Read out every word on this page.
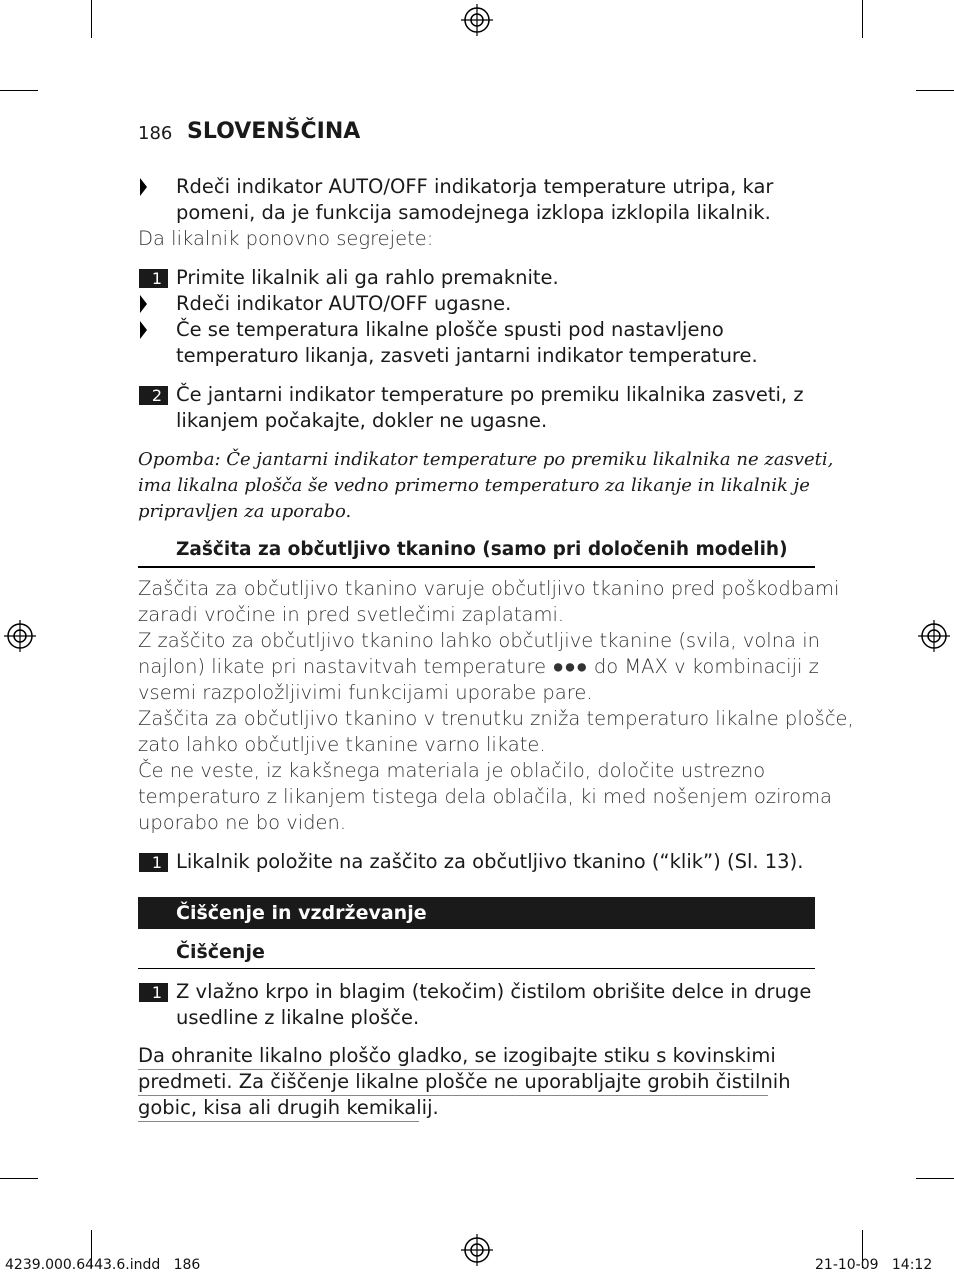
186 SLOVENŠČINA
Rdeči indikator AUTO/OFF indikatorja temperature utripa, kar
pomeni, da je funkcija samodejnega izklopa izklopila likalnik.
Da likalnik ponovno segrejete:
1 Primite likalnik ali ga rahlo premaknite.
Rdeči indikator AUTO/OFF ugasne.
Če se temperatura likalne plošče spusti pod nastavljeno
temperaturo likanja, zasveti jantarni indikator temperature.
2 Če jantarni indikator temperature po premiku likalnika zasveti, z
likanjem počakajte, dokler ne ugasne.
Opomba: Če jantarni indikator temperature po premiku likalnika ne zasveti,
ima likalna plošča še vedno primerno temperaturo za likanje in likalnik je
pripravljen za uporabo.
Zaščita za občutljivo tkanino (samo pri določenih modelih)
Zaščita za občutljivo tkanino varuje občutljivo tkanino pred poškodbami
zaradi vročine in pred svetlečimi zaplatami.
Z zaščito za občutljivo tkanino lahko občutljive tkanine (svila, volna in
najlon) likate pri nastavitvah temperature ●●● do MAX v kombinaciji z
vsemi razpoložljivimi funkcijami uporabe pare.
Zaščita za občutljivo tkanino v trenutku zniža temperaturo likalne plošče,
zato lahko občutljive tkanine varno likate.
Če ne veste, iz kakšnega materiala je oblačilo, določite ustrezno
temperaturo z likanjem tistega dela oblačila, ki med nošenjem oziroma
uporabo ne bo viden.
1 Likalnik položite na zaščito za občutljivo tkanino (“klik”) (Sl. 13).
Čiščenje in vzdrževanje
Čiščenje
1 Z vlažno krpo in blagim (tekočim) čistilom obrišite delce in druge
usedline z likalne plošče.
Da ohranite likalno ploščo gladko, se izogibajte stiku s kovinskimi
predmeti. Za čiščenje likalne plošče ne uporabljajte grobih čistilnih
gobic, kisa ali drugih kemikalij.
4239.000.6443.6.indd   186	21-10-09   14:12
